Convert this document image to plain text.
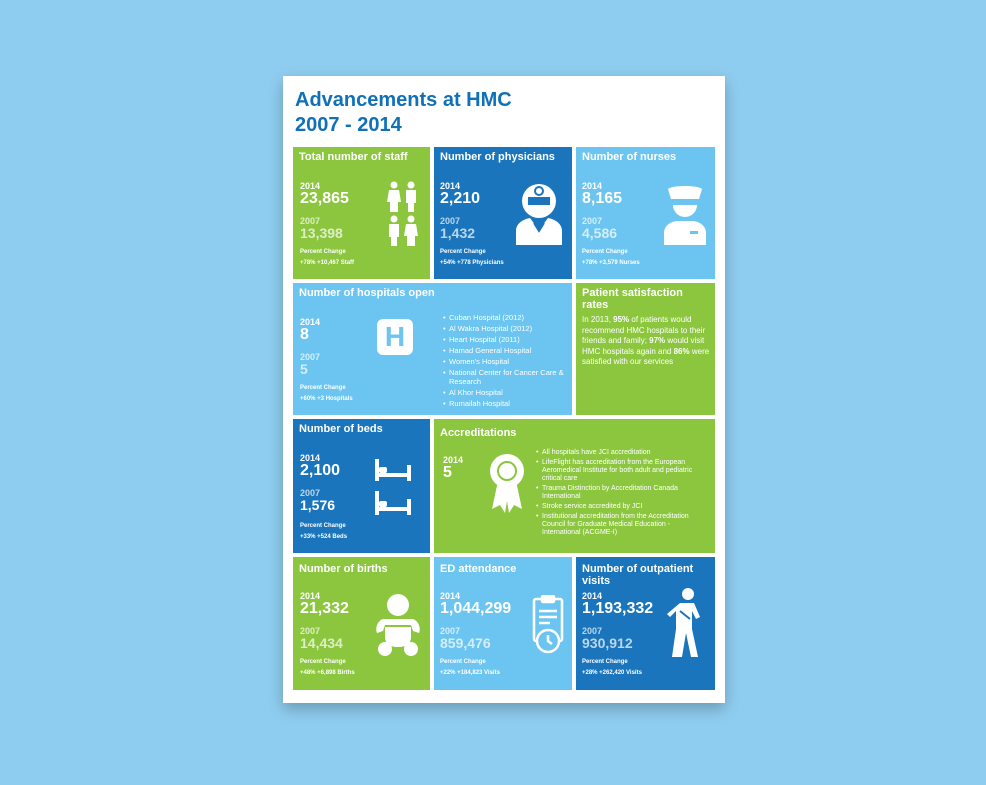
Advancements at HMC
2007 - 2014
Total number of staff
2014
23,865
2007
13,398
Percent Change
+78% +10,467 Staff
Number of physicians
2014
2,210
2007
1,432
Percent Change
+54% +778 Physicians
Number of nurses
2014
8,165
2007
4,586
Percent Change
+78% +3,579 Nurses
Number of hospitals open
2014
8
2007
5
Percent Change
+60% +3 Hospitals
H
• Cuban Hospital (2012)
• Al Wakra Hospital (2012)
• Heart Hospital (2011)
• Hamad General Hospital
• Women's Hospital
• National Center for Cancer Care & Research
• Al Khor Hospital
• Rumailah Hospital
Patient satisfaction rates
In 2013, 95% of patients would recommend HMC hospitals to their friends and family; 97% would visit HMC hospitals again and 86% were satisfied with our services
Number of beds
2014
2,100
2007
1,576
Percent Change
+33% +524 Beds
Accreditations
2014
5
• All hospitals have JCI accreditation
• LifeFlight has accreditation from the European Aeromedical Institute for both adult and pediatric critical care
• Trauma Distinction by Accreditation Canada International
• Stroke service accredited by JCI
• Institutional accreditation from the Accreditation Council for Graduate Medical Education - International (ACGME-I)
Number of births
2014
21,332
2007
14,434
Percent Change
+48% +6,898 Births
ED attendance
2014
1,044,299
2007
859,476
Percent Change
+22% +184,823 Visits
Number of outpatient visits
2014
1,193,332
2007
930,912
Percent Change
+28% +262,420 Visits
